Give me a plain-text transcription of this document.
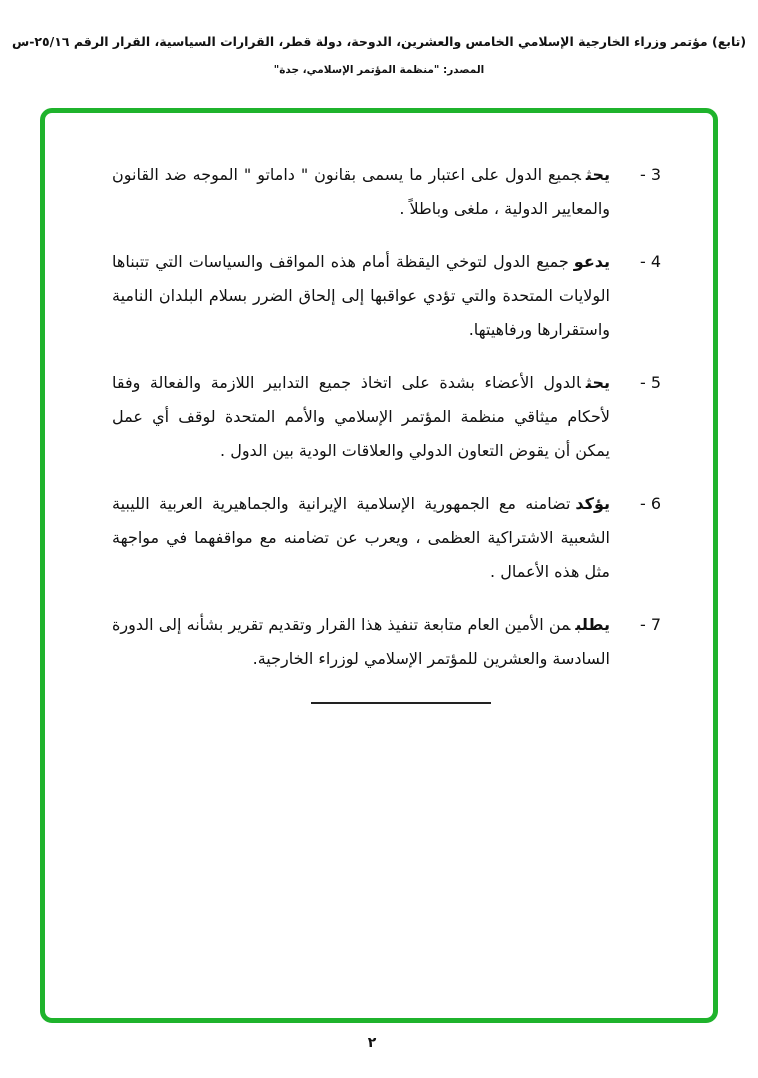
(تابع) مؤتمر وزراء الخارجية الإسلامي الخامس والعشرين، الدوحة، دولة قطر، القرارات السياسية، القرار الرقم ٢٥/١٦-س
المصدر: "منظمة المؤتمر الإسلامي، جدة"
3 -
يحثجميع الدول على اعتبار ما يسمى بقانون " داماتو " الموجه ضد القانون والمعايير الدولية ، ملغى وباطلاً .
4 -
يدعوجميع الدول لتوخي اليقظة أمام هذه المواقف والسياسات التي تتبناها الولايات المتحدة والتي تؤدي عواقبها إلى إلحاق الضرر بسلام البلدان النامية واستقرارها ورفاهيتها.
5 -
يحثالدول الأعضاء بشدة على اتخاذ جميع التدابير اللازمة والفعالة وفقا لأحكام ميثاقي منظمة المؤتمر الإسلامي والأمم المتحدة لوقف أي عمل يمكن أن يقوض التعاون الدولي والعلاقات الودية بين الدول .
6 -
يؤكدتضامنه مع الجمهورية الإسلامية الإيرانية والجماهيرية العربية الليبية الشعبية الاشتراكية العظمى ، ويعرب عن تضامنه مع مواقفهما في مواجهة مثل هذه الأعمال .
7 -
يطلبمن الأمين العام متابعة تنفيذ هذا القرار وتقديم تقرير بشأنه إلى الدورة السادسة والعشرين للمؤتمر الإسلامي لوزراء الخارجية.
٢
